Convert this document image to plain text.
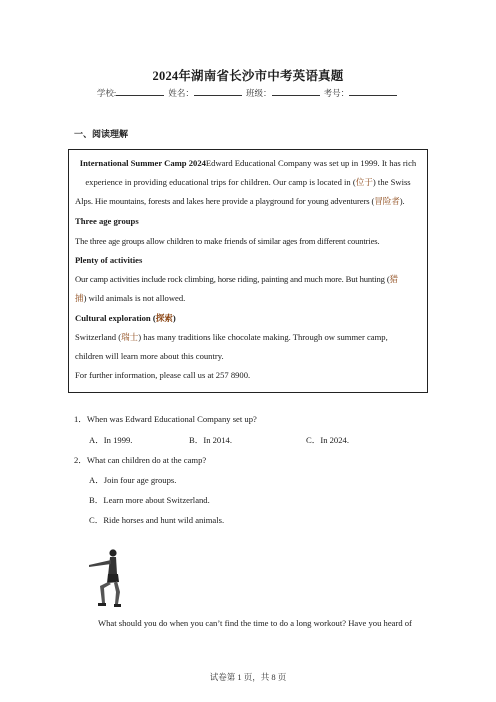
2024年湖南省长沙市中考英语真题
学校:	姓名：	班级：	考号：
一、阅读理解

International Summer Camp 2024Edward Educational Company was set up in 1999. It has rich

experience in providing educational trips for children. Our camp is located in (位于) the Swiss

Alps. Hie mountains, forests and lakes here provide a playground for young adventurers (冒险者).

Three age groups

The three age groups allow children to make friends of similar ages from different countries.

Plenty of activities

Our camp activities include rock climbing, horse riding, painting and much more. But hunting (猎

捕) wild animals is not allowed.

Cultural exploration (探索)

Switzerland (瑞士) has many traditions like chocolate making. Through ow summer camp,

children will learn more about this country.

For further information, please call us at 257 8900.

1．When was Edward Educational Company set up?
A．In 1999.	B．In 2014.	C．In 2024.
2．What can children do at the camp?
A．Join four age groups.
B．Learn more about Switzerland.
C．Ride horses and hunt wild animals.
What should you do when you can’t find the time to do a long workout? Have you heard of
试卷第 1 页，共 8 页
